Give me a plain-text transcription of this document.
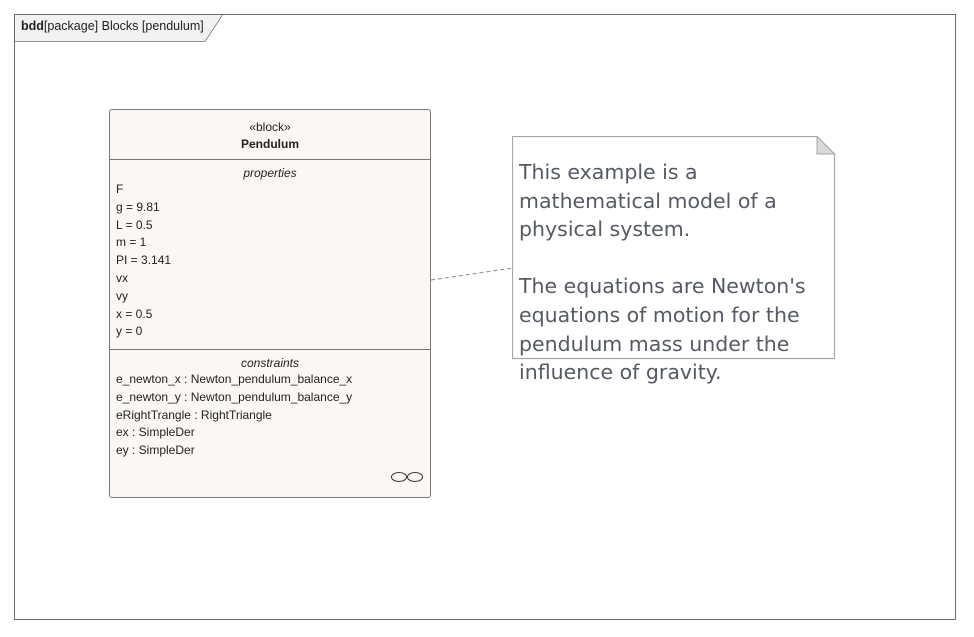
bdd[package] Blocks [pendulum]
«block»
Pendulum
properties
F
g = 9.81
L = 0.5
m = 1
PI = 3.141
vx
vy
x = 0.5
y = 0
constraints
e_newton_x : Newton_pendulum_balance_x
e_newton_y : Newton_pendulum_balance_y
eRightTrangle : RightTriangle
ex : SimpleDer
ey : SimpleDer

This example is a mathematical model of a physical system.

The equations are Newton's equations of motion for the pendulum mass under the influence of gravity.
